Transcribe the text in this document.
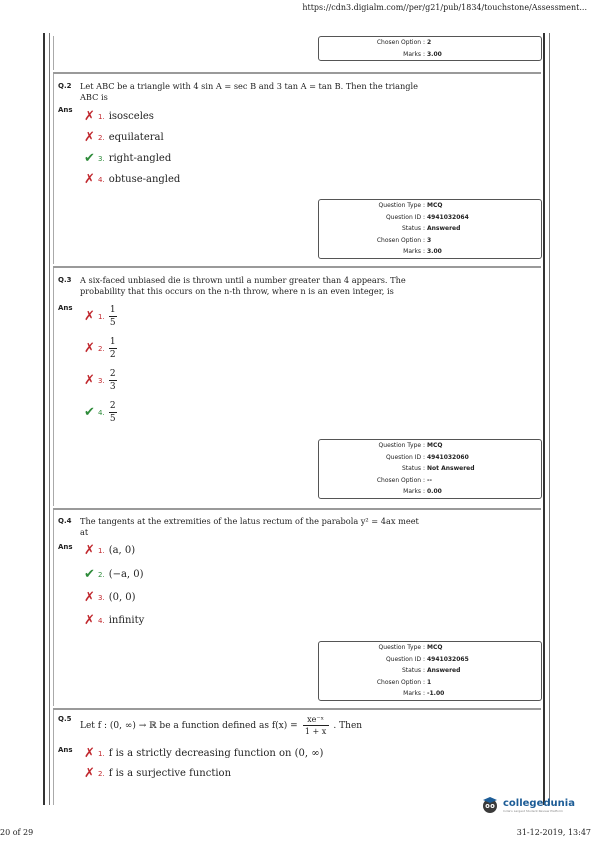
https://cdn3.digialm.com//per/g21/pub/1834/touchstone/Assessment...
Chosen Option : 2
Marks : 3.00
Q.2 Let ABC be a triangle with 4 sin A = sec B and 3 tan A = tan B. Then the triangle
ABC is
Ans ✗ 1. isosceles
✗ 2. equilateral
✔ 3. right-angled
✗ 4. obtuse-angled
Question Type : MCQ
Question ID : 4941032064
Status : Answered
Chosen Option : 3
Marks : 3.00
Q.3 A six-faced unbiased die is thrown until a number greater than 4 appears. The
probability that this occurs on the n-th throw, where n is an even integer, is
Ans
✗ 1. $\frac{1}{5}$
✗ 2. $\frac{1}{2}$
✗ 3. $\frac{2}{3}$
✔ 4. $\frac{2}{5}$
Question Type : MCQ
Question ID : 4941032060
Status : Not Answered
Chosen Option : --
Marks : 0.00
Q.4 The tangents at the extremities of the latus rectum of the parabola y² = 4ax meet
at
Ans ✗ 1. (a, 0)
✔ 2. (−a, 0)
✗ 3. (0, 0)
✗ 4. infinity
Question Type : MCQ
Question ID : 4941032065
Status : Answered
Chosen Option : 1
Marks : -1.00
Q.5
Let f : (0, ∞) → ℝ be a function defined as $f(x) = \frac{\text{xe⁻ˣ}}{1 + x}$ . Then
Ans ✗ 1. f is a strictly decreasing function on (0, ∞)
✗ 2. f is a surjective function
collegedunia
India's Largest Student Review Platform
20 of 29	31-12-2019, 13:47
